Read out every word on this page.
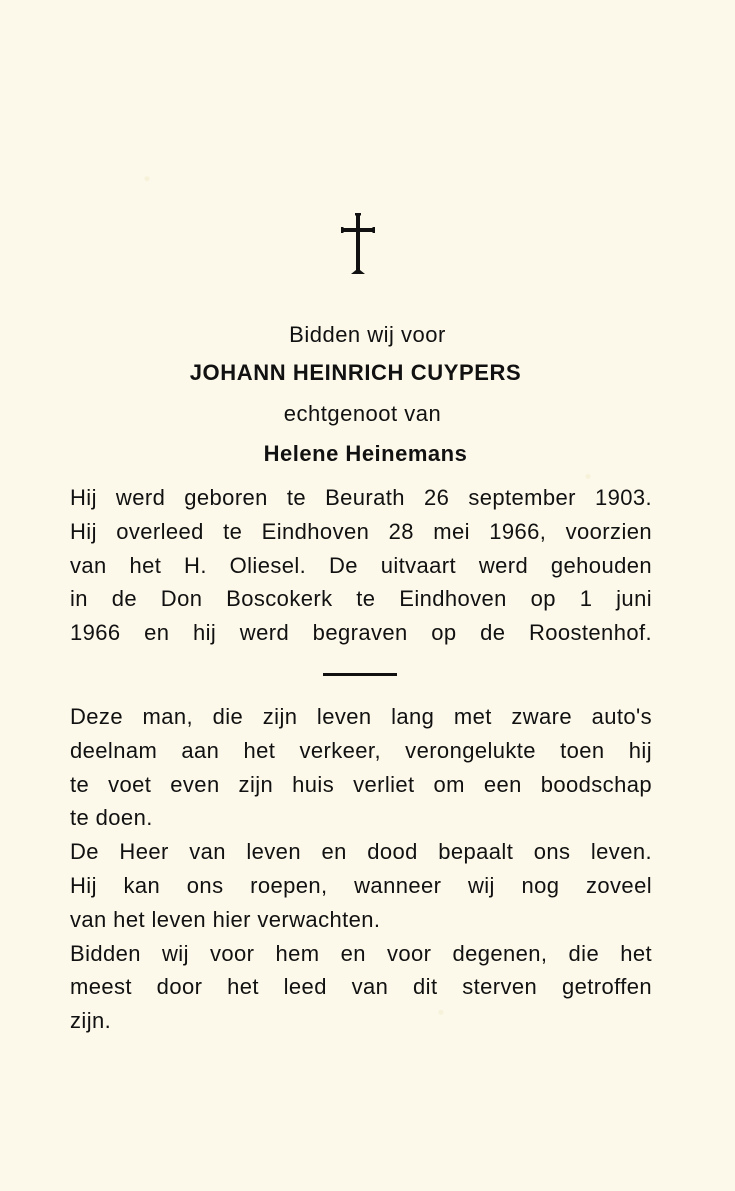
Bidden wij voor
JOHANN HEINRICH CUYPERS
echtgenoot van
Helene Heinemans
Hij werd geboren te Beurath 26 september 1903.
Hij overleed te Eindhoven 28 mei 1966, voorzien
van het H. Oliesel. De uitvaart werd gehouden
in de Don Boscokerk te Eindhoven op 1 juni
1966 en hij werd begraven op de Roostenhof.
Deze man, die zijn leven lang met zware auto's
deelnam aan het verkeer, verongelukte toen hij
te voet even zijn huis verliet om een boodschap
te doen.
De Heer van leven en dood bepaalt ons leven.
Hij kan ons roepen, wanneer wij nog zoveel
van het leven hier verwachten.
Bidden wij voor hem en voor degenen, die het
meest door het leed van dit sterven getroffen
zijn.
